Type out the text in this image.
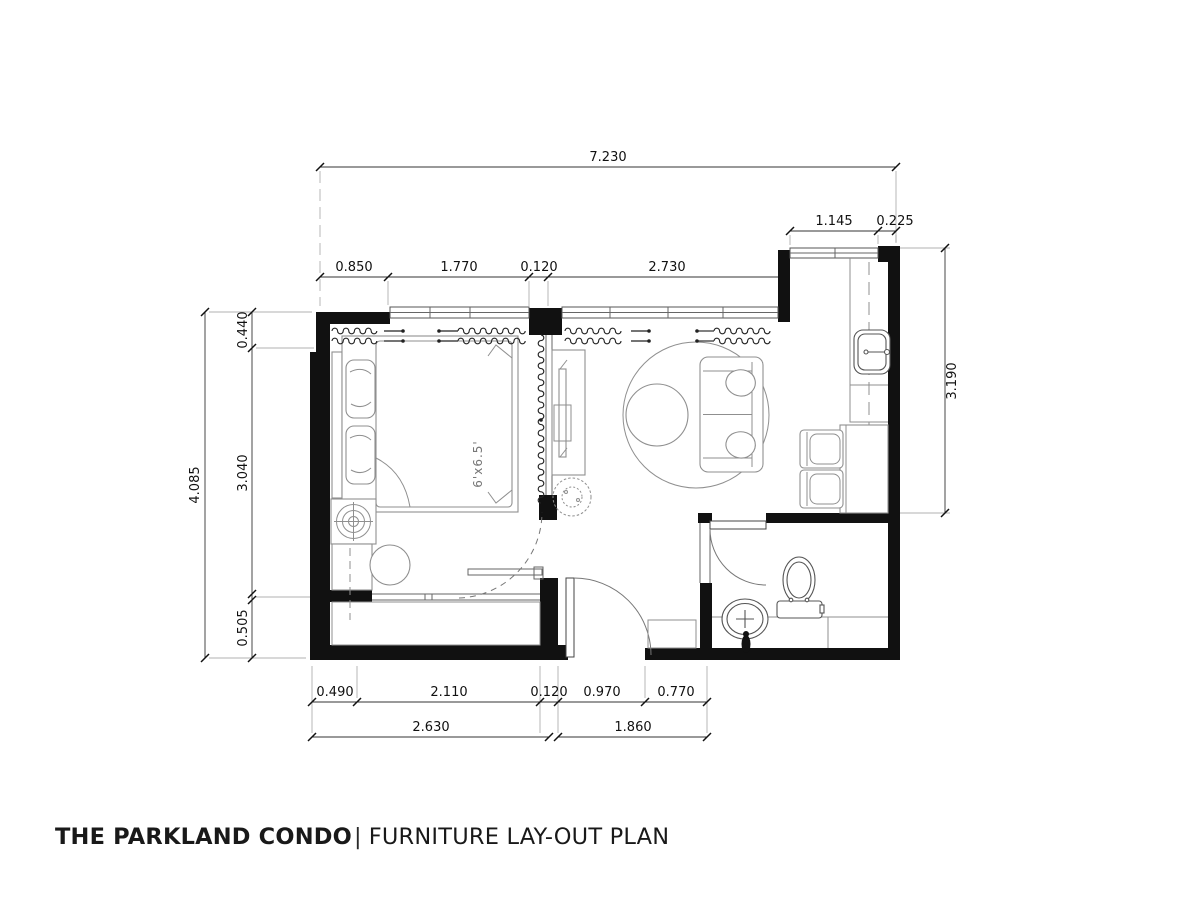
7.230
1.145 0.225
0.850	1.770	0.120	2.730
4.085
0.440
3.040
0.505
3.190
0.490	2.110	0.120 0.970	0.770
2.630	1.860
6'x6.5'
THE PARKLAND CONDO| FURNITURE LAY-OUT PLAN
